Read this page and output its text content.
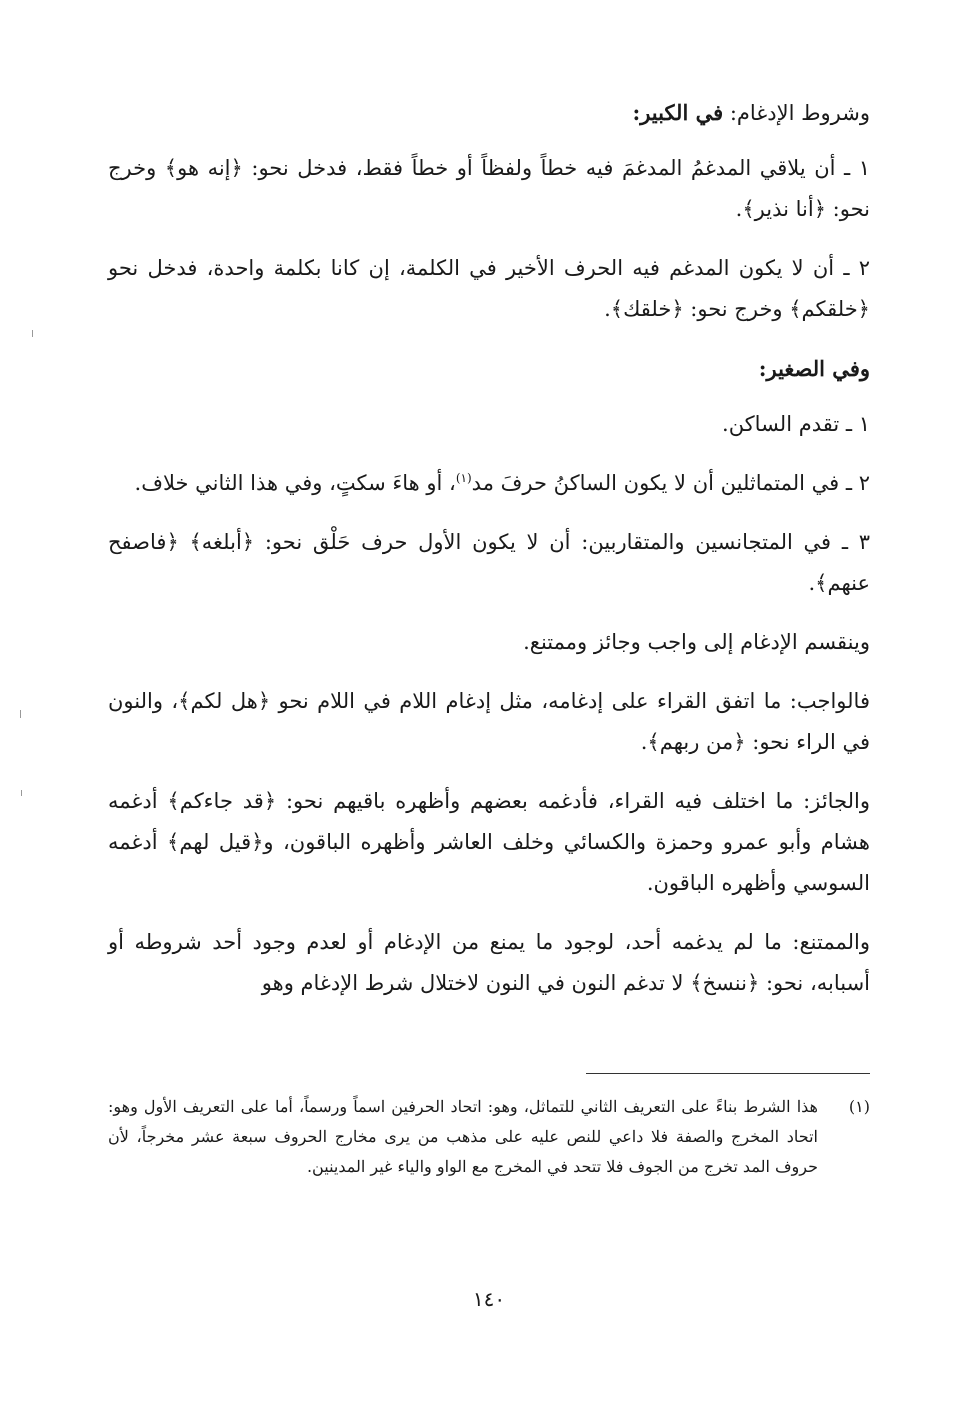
وشروط الإدغام: في الكبير:

١ ـ أن يلاقي المدغمُ المدغمَ فيه خطاً ولفظاً أو خطاً فقط، فدخل نحو: ﴿إنه هو﴾ وخرج نحو: ﴿أنا نذير﴾.

٢ ـ أن لا يكون المدغم فيه الحرف الأخير في الكلمة، إن كانا بكلمة واحدة، فدخل نحو ﴿خلقكم﴾ وخرج نحو: ﴿خلقك﴾.

وفي الصغير:

١ ـ تقدم الساكن.

٢ ـ في المتماثلين أن لا يكون الساكنُ حرفَ مد$^{(١)}$، أو هاءَ سكتٍ، وفي هذا الثاني خلاف.

٣ ـ في المتجانسين والمتقاربين: أن لا يكون الأول حرف حَلْق نحو: ﴿أبلغه﴾ ﴿فاصفح عنهم﴾.

وينقسم الإدغام إلى واجب وجائز وممتنع.

فالواجب: ما اتفق القراء على إدغامه، مثل إدغام اللام في اللام نحو ﴿هل لكم﴾، والنون في الراء نحو: ﴿من ربهم﴾.

والجائز: ما اختلف فيه القراء، فأدغمه بعضهم وأظهره باقيهم نحو: ﴿قد جاءكم﴾ أدغمه هشام وأبو عمرو وحمزة والكسائي وخلف العاشر وأظهره الباقون، و﴿قيل لهم﴾ أدغمه السوسي وأظهره الباقون.

والممتنع: ما لم يدغمه أحد، لوجود ما يمنع من الإدغام أو لعدم وجود أحد شروطه أو أسبابه، نحو: ﴿ننسخ﴾ لا تدغم النون في النون لاختلال شرط الإدغام وهو

(١)
هذا الشرط بناءً على التعريف الثاني للتماثل، وهو: اتحاد الحرفين اسماً ورسماً، أما على التعريف الأول وهو: اتحاد المخرج والصفة فلا داعي للنص عليه على مذهب من يرى مخارج الحروف سبعة عشر مخرجاً، لأن حروف المد تخرج من الجوف فلا تتحد في المخرج مع الواو والياء غير المدينين.
١٤٠
